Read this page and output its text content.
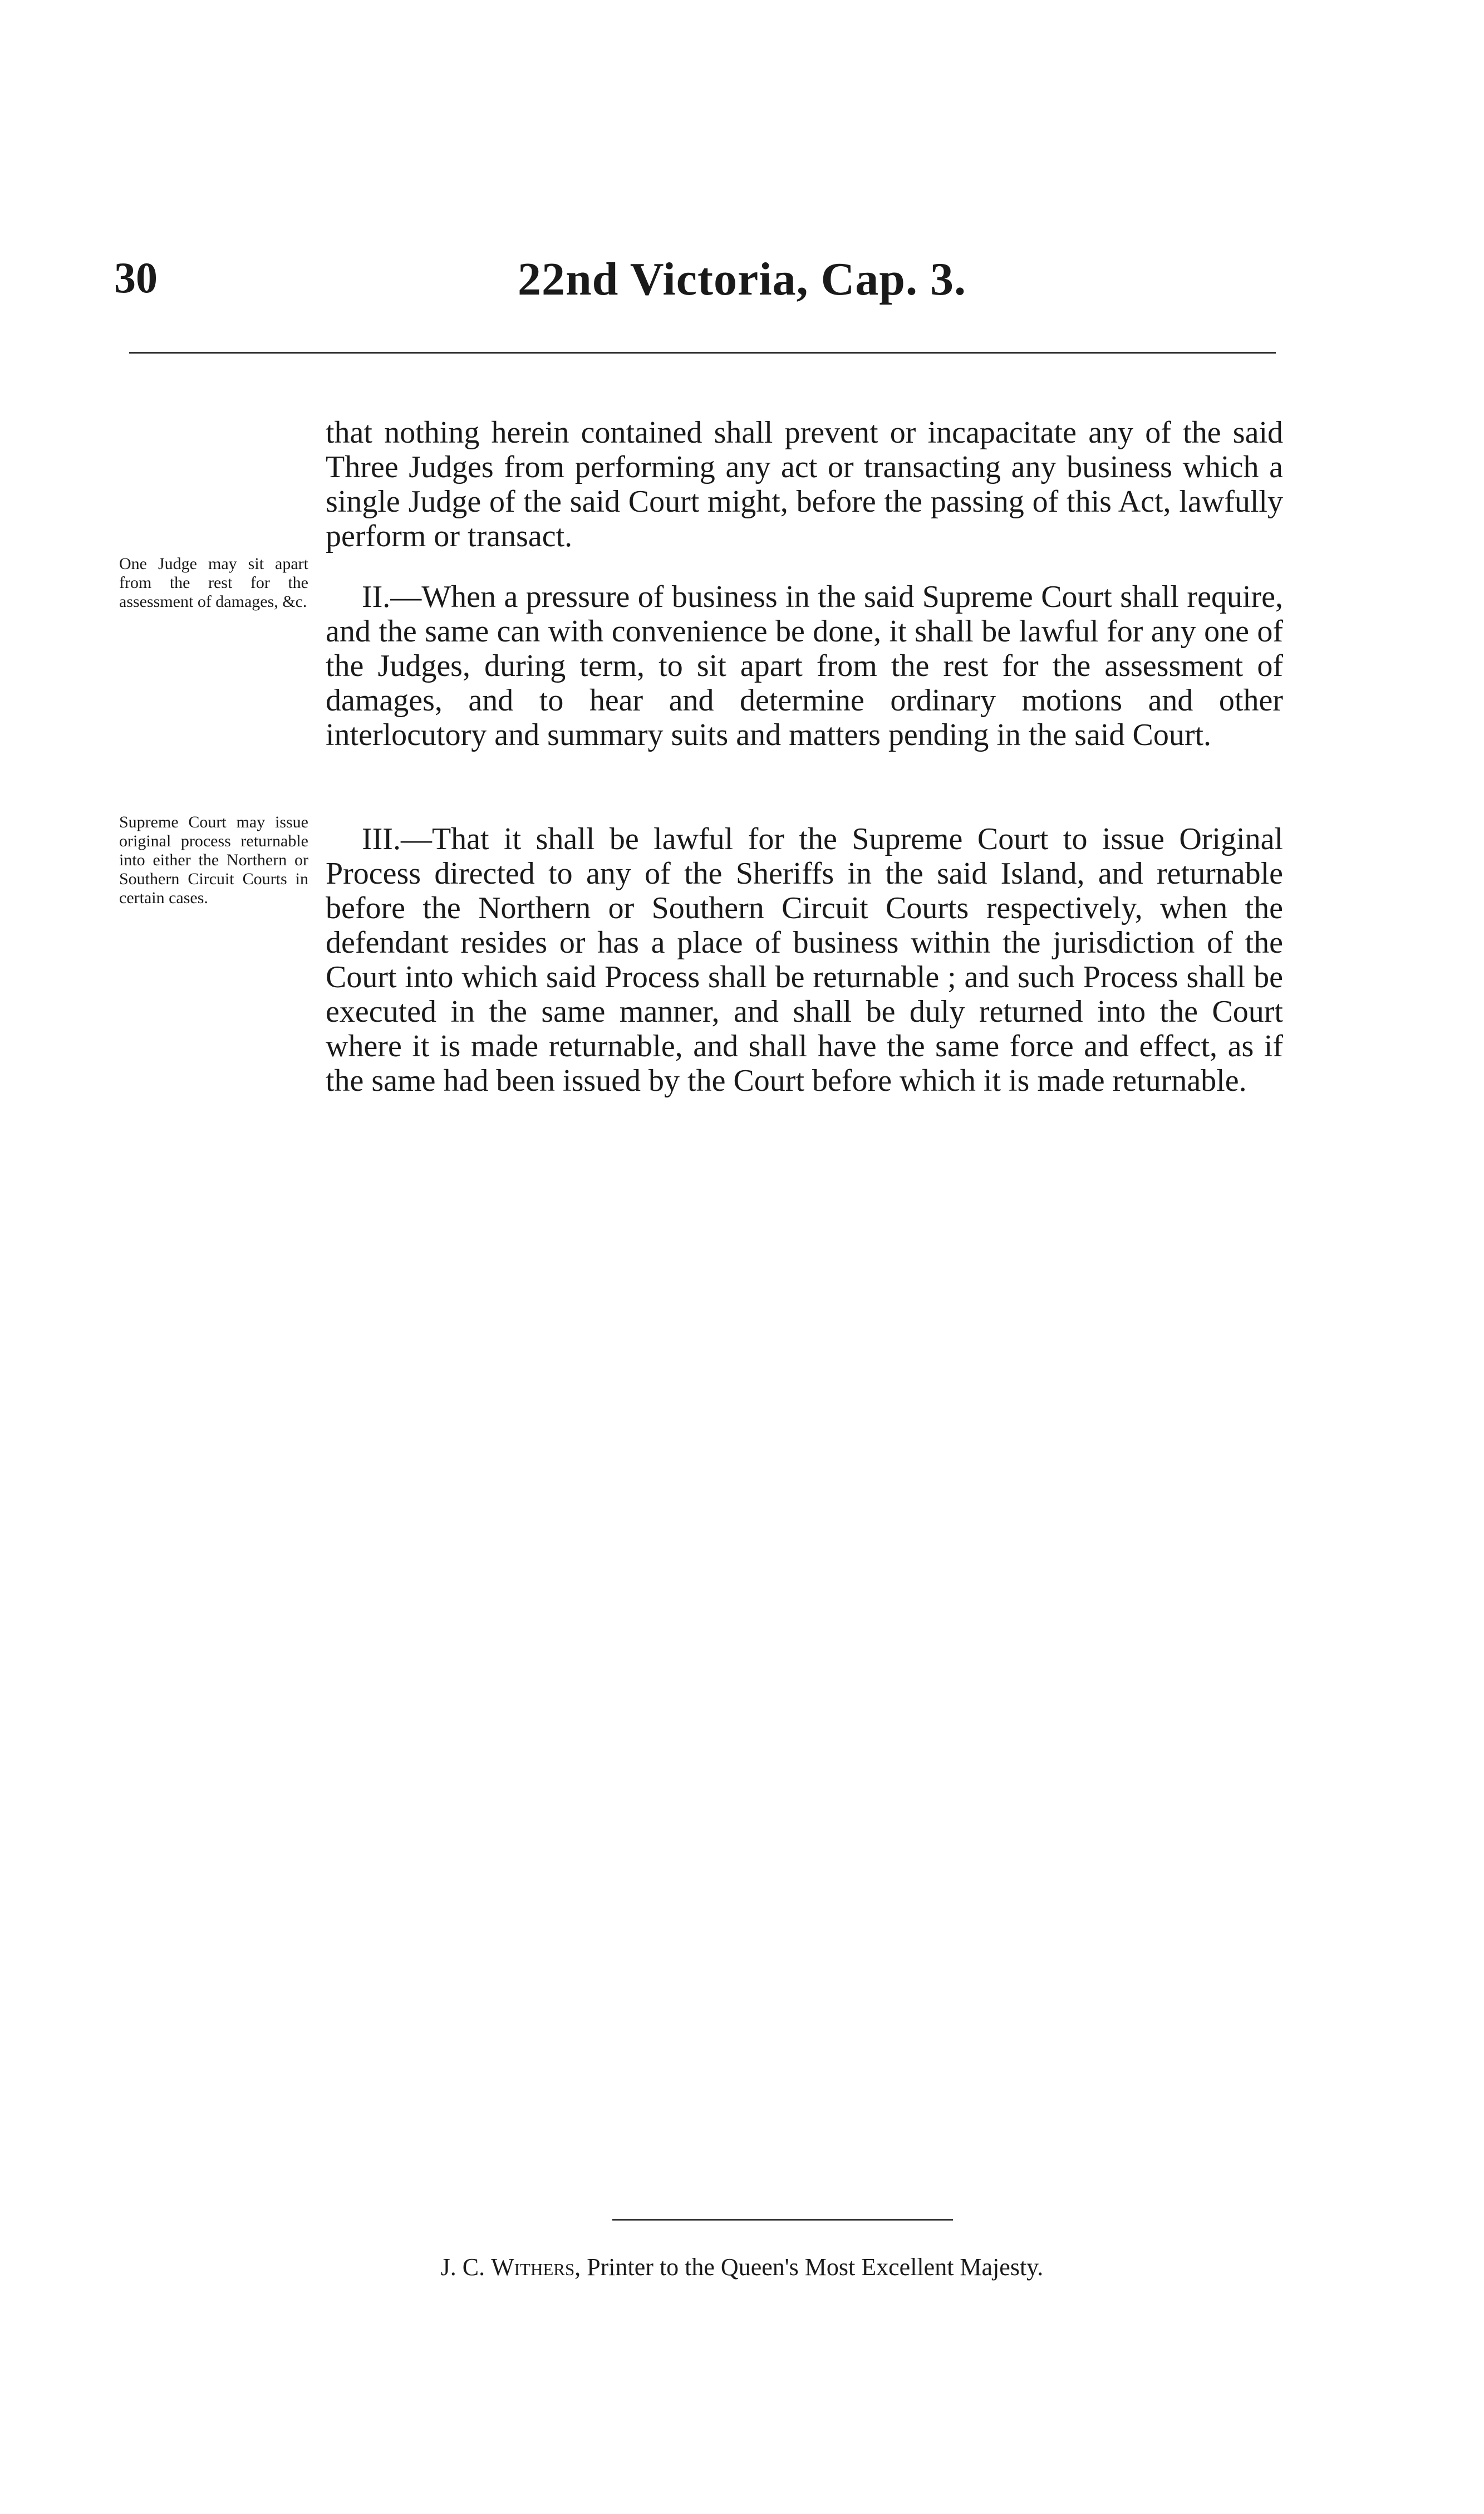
30	22nd Victoria, Cap. 3.

that nothing herein contained shall prevent or incapacitate any of the said Three Judges from performing any act or transacting any business which a single Judge of the said Court might, before the passing of this Act, lawfully perform or transact.

One Judge may sit apart from the rest for the assessment of damages, &c.	II.—When a pressure of business in the said Supreme Court shall require, and the same can with convenience be done, it shall be lawful for any one of the Judges, during term, to sit apart from the rest for the assessment of damages, and to hear and determine ordinary motions and other interlocutory and summary suits and matters pending in the said Court.

Supreme Court may issue original process returnable into either the Northern or Southern Circuit Courts in certain cases.

III.—That it shall be lawful for the Supreme Court to issue Original Process directed to any of the Sheriffs in the said Island, and returnable before the Northern or Southern Circuit Courts respectively, when the defendant resides or has a place of business within the jurisdiction of the Court into which said Process shall be returnable ; and such Process shall be executed in the same manner, and shall be duly returned into the Court where it is made returnable, and shall have the same force and effect, as if the same had been issued by the Court before which it is made returnable.

J. C. Withers, Printer to the Queen's Most Excellent Majesty.
